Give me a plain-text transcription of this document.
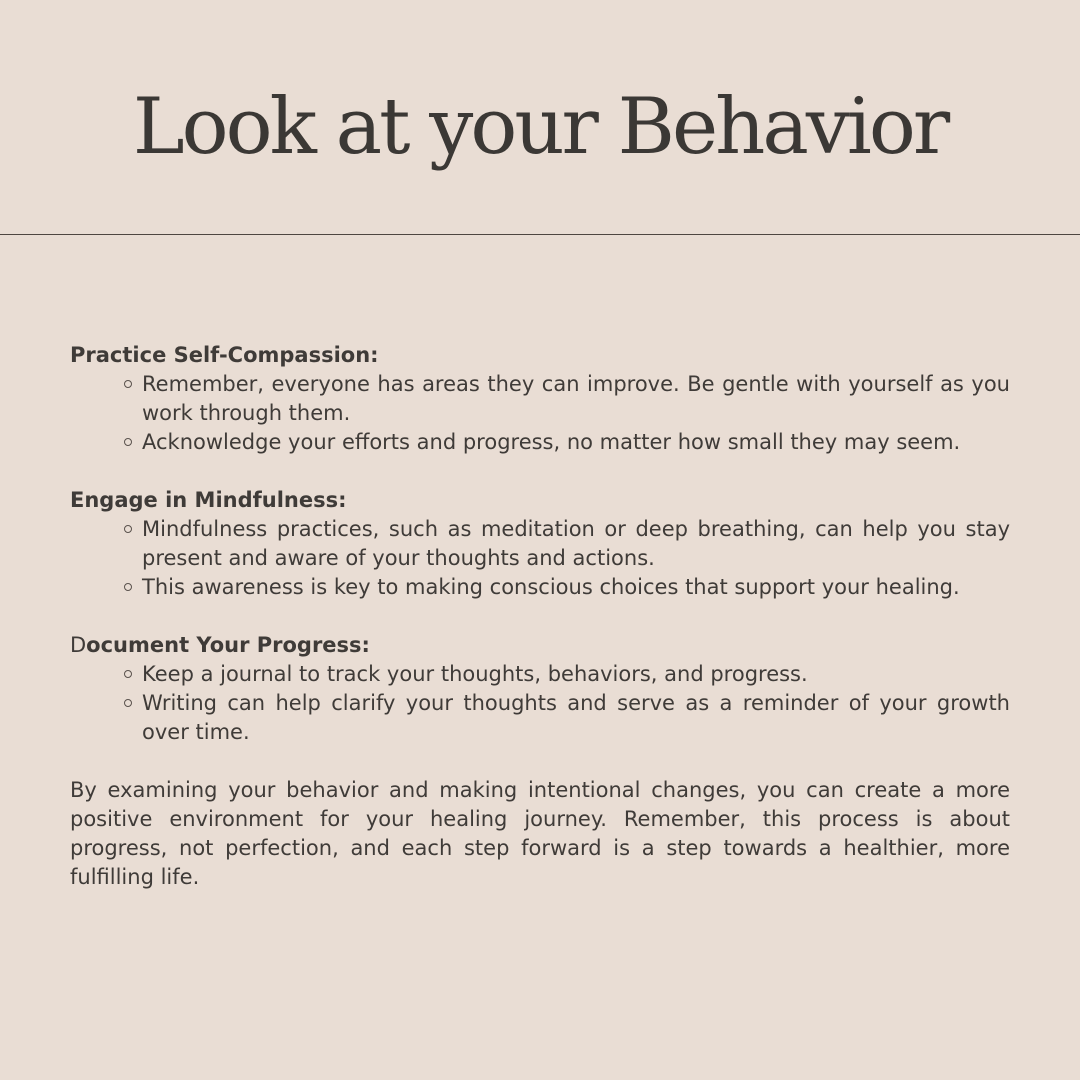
Look at your Behavior

Practice Self-Compassion:

Remember, everyone has areas they can improve. Be gentle with yourself as you work through them.
Acknowledge your efforts and progress, no matter how small they may seem.

Engage in Mindfulness:

Mindfulness practices, such as meditation or deep breathing, can help you stay present and aware of your thoughts and actions.
This awareness is key to making conscious choices that support your healing.

Document Your Progress:

Keep a journal to track your thoughts, behaviors, and progress.
Writing can help clarify your thoughts and serve as a reminder of your growth over time.

By examining your behavior and making intentional changes, you can create a more positive environment for your healing journey. Remember, this process is about progress, not perfection, and each step forward is a step towards a healthier, more fulfilling life.
